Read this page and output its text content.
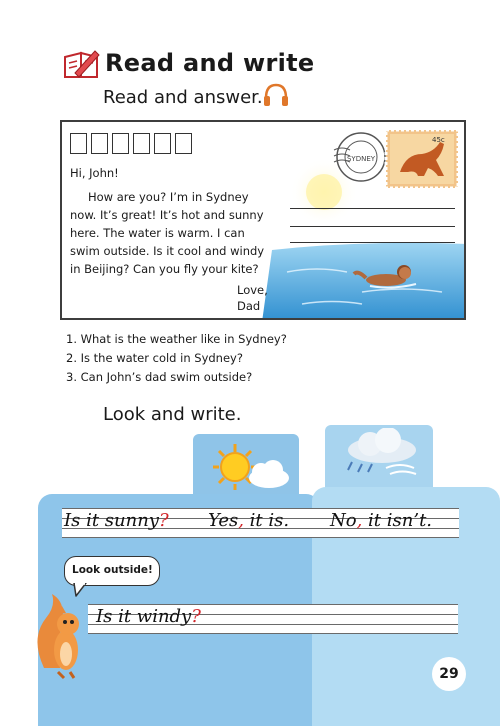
Read and write
Read and answer.
Hi, John!
How are you? I’m in Sydney
now. It’s great! It’s hot and sunny
here. The water is warm. I can
swim outside. Is it cool and windy
in Beijing? Can you fly your kite?
Love,
Dad
SYDNEY
45c
1. What is the weather like in Sydney?
2. Is the water cold in Sydney?
3. Can John’s dad swim outside?
Look and write.
Is it sunny? Yes, it is. No, it isn’t.
Is it windy?
Look outside!
29
